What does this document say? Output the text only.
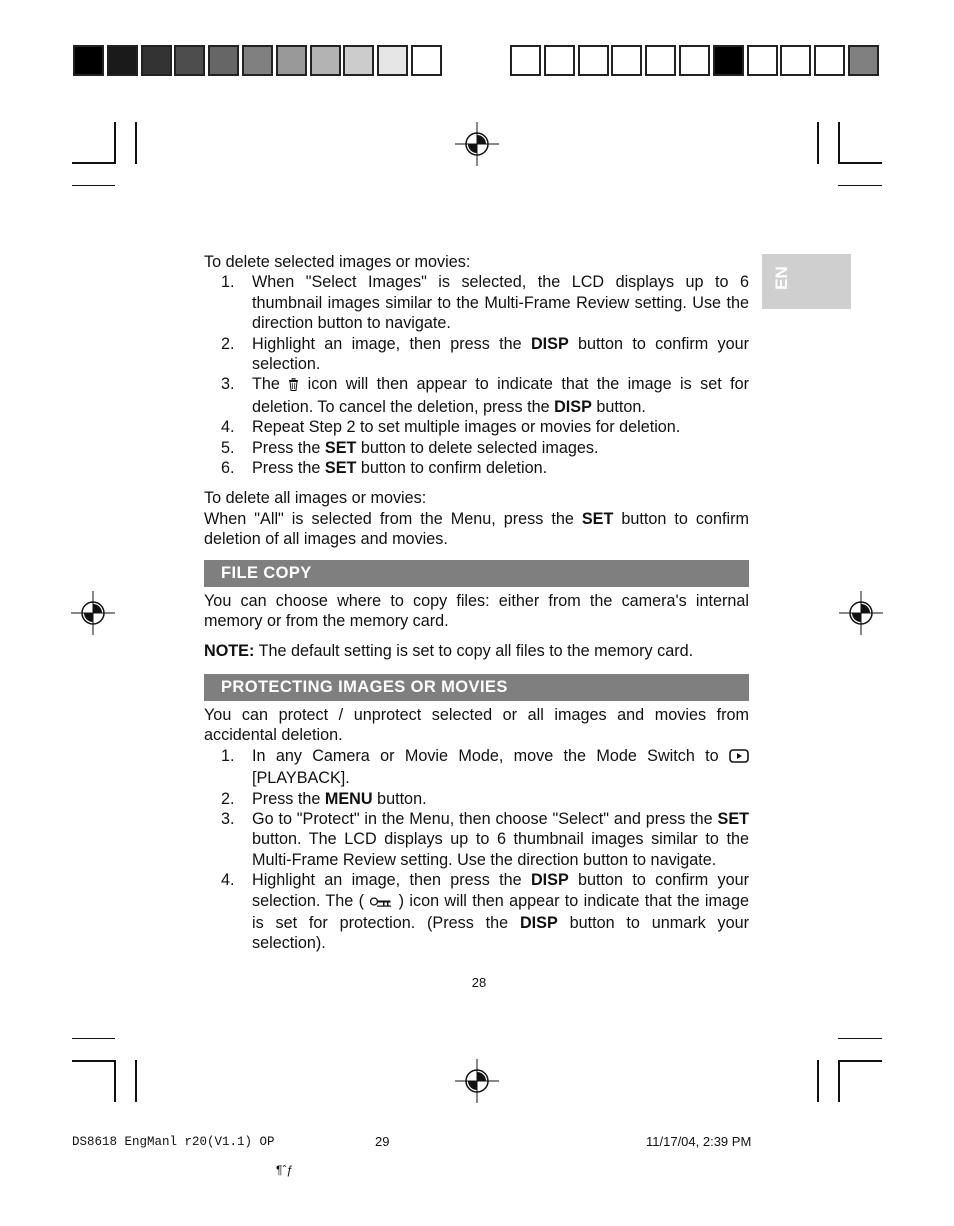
EN

To delete selected images or movies:

1. When "Select Images" is selected, the LCD displays up to 6 thumbnail images similar to the Multi-Frame Review setting. Use the direction button to navigate.
2. Highlight an image, then press the DISP button to confirm your selection.
3. The  icon will then appear to indicate that the image is set for deletion. To cancel the deletion, press the DISP button.
4. Repeat Step 2 to set multiple images or movies for deletion.
5. Press the SET button to delete selected images.
6. Press the SET button to confirm deletion.

To delete all images or movies:

When "All" is selected from the Menu, press the SET button to confirm deletion of all images and movies.

FILE COPY

You can choose where to copy files: either from the camera's internal memory or from the memory card.

NOTE: The default setting is set to copy all files to the memory card.

PROTECTING IMAGES OR MOVIES

You can protect / unprotect selected or all images and movies from accidental deletion.

1. In any Camera or Movie Mode, move the Mode Switch to  [PLAYBACK].
2. Press the MENU button.
3. Go to "Protect" in the Menu, then choose "Select" and press the SET button. The LCD displays up to 6 thumbnail images similar to the Multi-Frame Review setting. Use the direction button to navigate.
4. Highlight an image, then press the DISP button to confirm your selection. The (  ) icon will then appear to indicate that the image is set for protection. (Press the DISP button to unmark your selection).
28
DS8618 EngManl r20(V1.1) OP	29	11/17/04, 2:39 PM
¶ˆƒ
